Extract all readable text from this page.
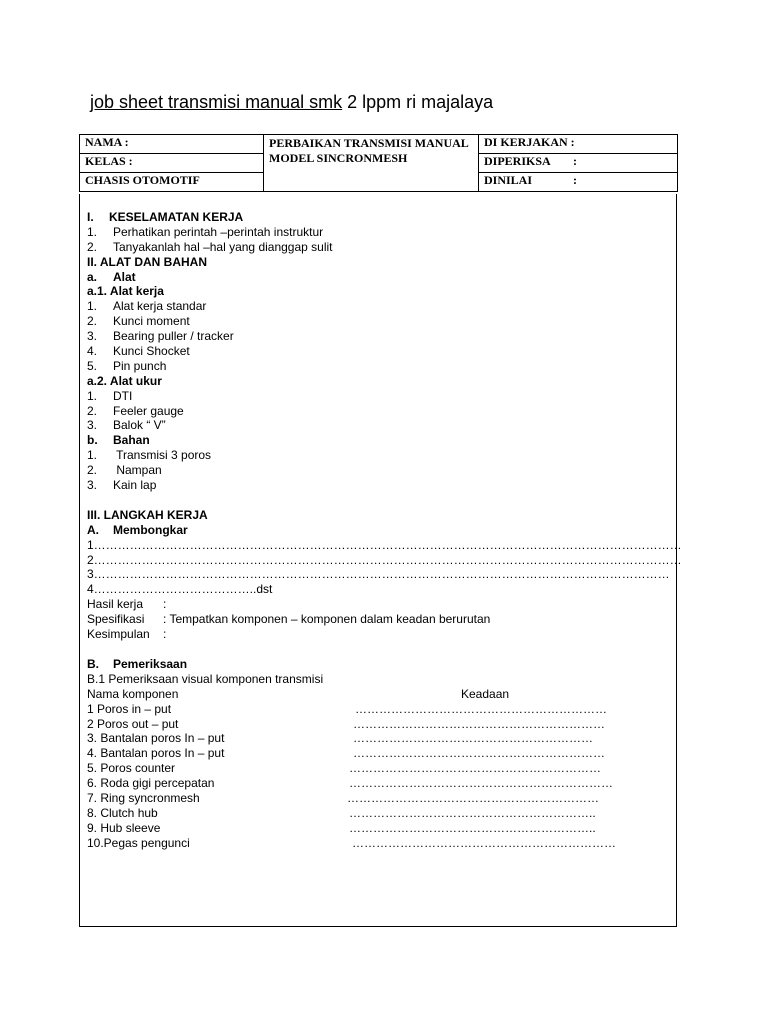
job sheet transmisi manual smk 2 lppm ri majalaya
NAMA :	PERBAIKAN TRANSMISI MANUAL MODEL SINCRONMESH	DI KERJAKAN :
KELAS :		DIPERIKSA :

CHASIS OTOMOTIF		DINILAI :
I. KESELAMATAN KERJA
1. Perhatikan perintah –perintah instruktur
2. Tanyakanlah hal –hal yang dianggap sulit
II. ALAT DAN BAHAN
a. Alat
a.1. Alat kerja
1. Alat kerja standar
2. Kunci moment
3. Bearing puller / tracker
4. Kunci Shocket
5. Pin punch
a.2. Alat ukur
1. DTI
2. Feeler gauge
3. Balok “ V”
b. Bahan
1. Transmisi 3 poros
2. Nampan
3. Kain lap
III. LANGKAH KERJA
A. Membongkar
1…………………………………………………………………………………………………………………………………
2…………………………………………………………………………………………………………………………………
3………………………………………………………………………………………………………………………………
4…………………………………..dst
Hasil kerja :
Spesifikasi : Tempatkan komponen – komponen dalam keadan berurutan
Kesimpulan :
B. Pemeriksaan
B.1 Pemeriksaan visual komponen transmisi
Nama komponen	Keadaan
1 Poros in – put	………………………………………………………
2 Poros out – put	………………………………………………………
3. Bantalan poros In – put	……………………………………………………
4. Bantalan poros In – put	………………………………………………………
5. Poros counter	………………………………………………………
6. Roda gigi percepatan	…………………………………………………………
7. Ring syncronmesh	………………………………………………………
8. Clutch hub	……………………………………………………..
9. Hub sleeve	……………………………………………………..
10.Pegas pengunci	…………………………………………………………
